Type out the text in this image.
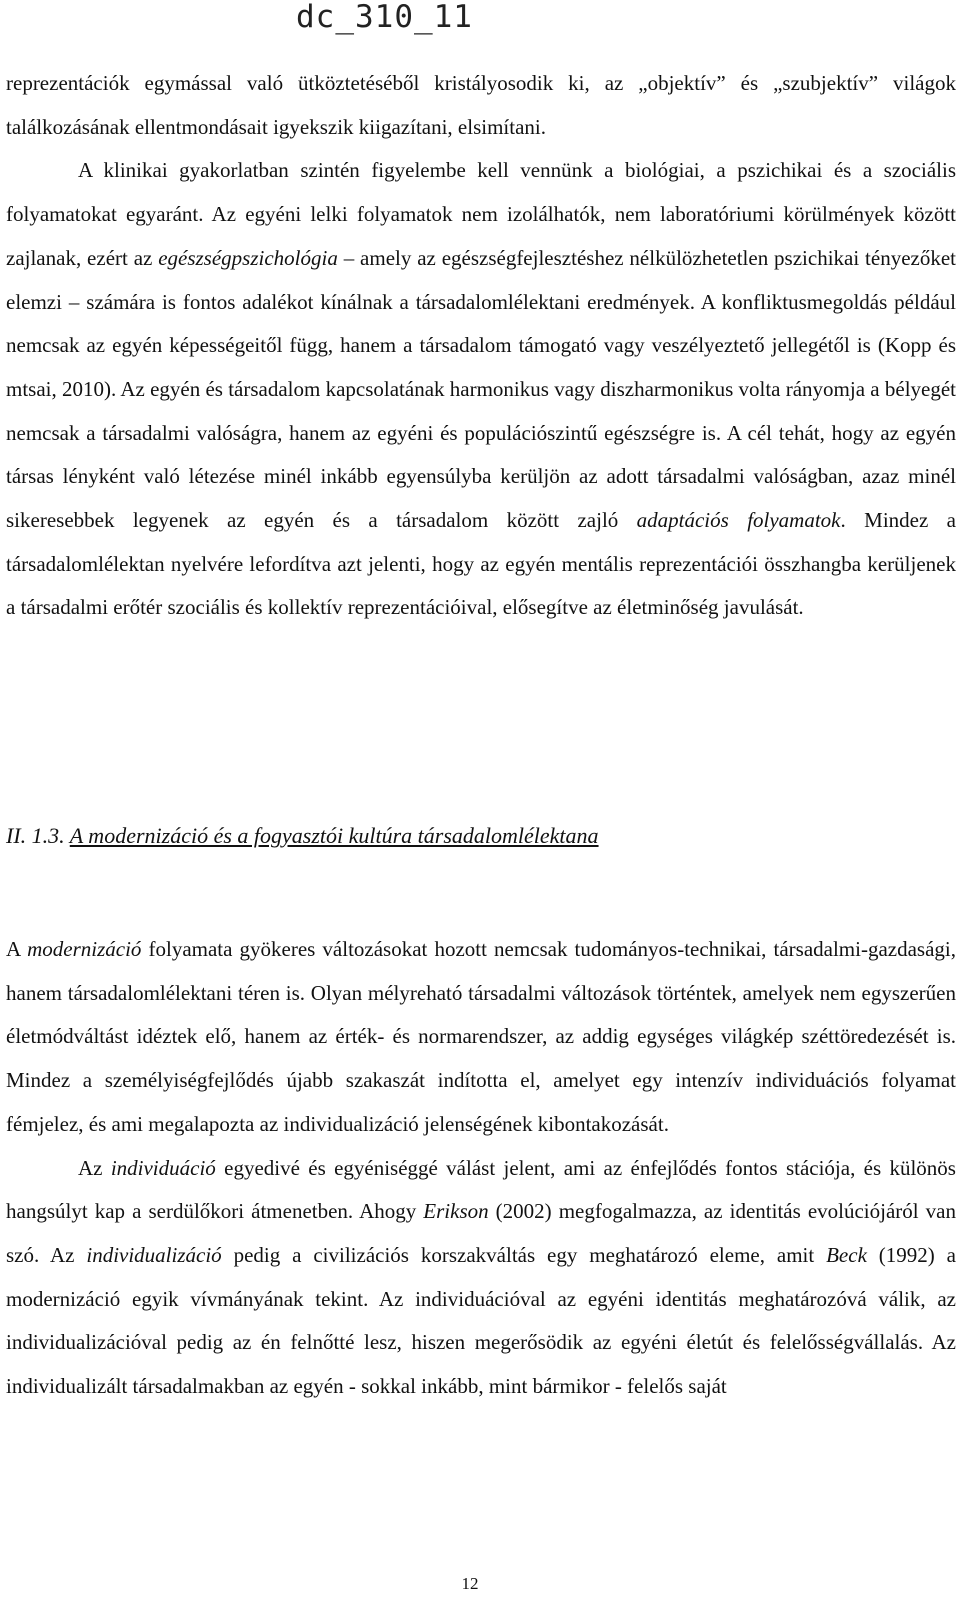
dc_310_11

reprezentációk egymással való ütköztetéséből kristályosodik ki, az „objektív” és „szubjektív” világok találkozásának ellentmondásait igyekszik kiigazítani, elsimítani.

A klinikai gyakorlatban szintén figyelembe kell vennünk a biológiai, a pszichikai és a szociális folyamatokat egyaránt. Az egyéni lelki folyamatok nem izolálhatók, nem laboratóriumi körülmények között zajlanak, ezért az egészségpszichológia – amely az egészségfejlesztéshez nélkülözhetetlen pszichikai tényezőket elemzi – számára is fontos adalékot kínálnak a társadalomlélektani eredmények. A konfliktusmegoldás például nemcsak az egyén képességeitől függ, hanem a társadalom támogató vagy veszélyeztető jellegétől is (Kopp és mtsai, 2010). Az egyén és társadalom kapcsolatának harmonikus vagy diszharmonikus volta rányomja a bélyegét nemcsak a társadalmi valóságra, hanem az egyéni és populációszintű egészségre is. A cél tehát, hogy az egyén társas lényként való létezése minél inkább egyensúlyba kerüljön az adott társadalmi valóságban, azaz minél sikeresebbek legyenek az egyén és a társadalom között zajló adaptációs folyamatok. Mindez a társadalomlélektan nyelvére lefordítva azt jelenti, hogy az egyén mentális reprezentációi összhangba kerüljenek a társadalmi erőtér szociális és kollektív reprezentációival, elősegítve az életminőség javulását.

II. 1.3. A modernizáció és a fogyasztói kultúra társadalomlélektana

A modernizáció folyamata gyökeres változásokat hozott nemcsak tudományos-technikai, társadalmi-gazdasági, hanem társadalomlélektani téren is. Olyan mélyreható társadalmi változások történtek, amelyek nem egyszerűen életmódváltást idéztek elő, hanem az érték- és normarendszer, az addig egységes világkép széttöredezését is. Mindez a személyiségfejlődés újabb szakaszát indította el, amelyet egy intenzív individuációs folyamat fémjelez, és ami megalapozta az individualizáció jelenségének kibontakozását.

Az individuáció egyedivé és egyéniséggé válást jelent, ami az énfejlődés fontos stációja, és különös hangsúlyt kap a serdülőkori átmenetben. Ahogy Erikson (2002) megfogalmazza, az identitás evolúciójáról van szó. Az individualizáció pedig a civilizációs korszakváltás egy meghatározó eleme, amit Beck (1992) a modernizáció egyik vívmányának tekint. Az individuációval az egyéni identitás meghatározóvá válik, az individualizációval pedig az én felnőtté lesz, hiszen megerősödik az egyéni életút és felelősségvállalás. Az individualizált társadalmakban az egyén - sokkal inkább, mint bármikor - felelős saját

12
